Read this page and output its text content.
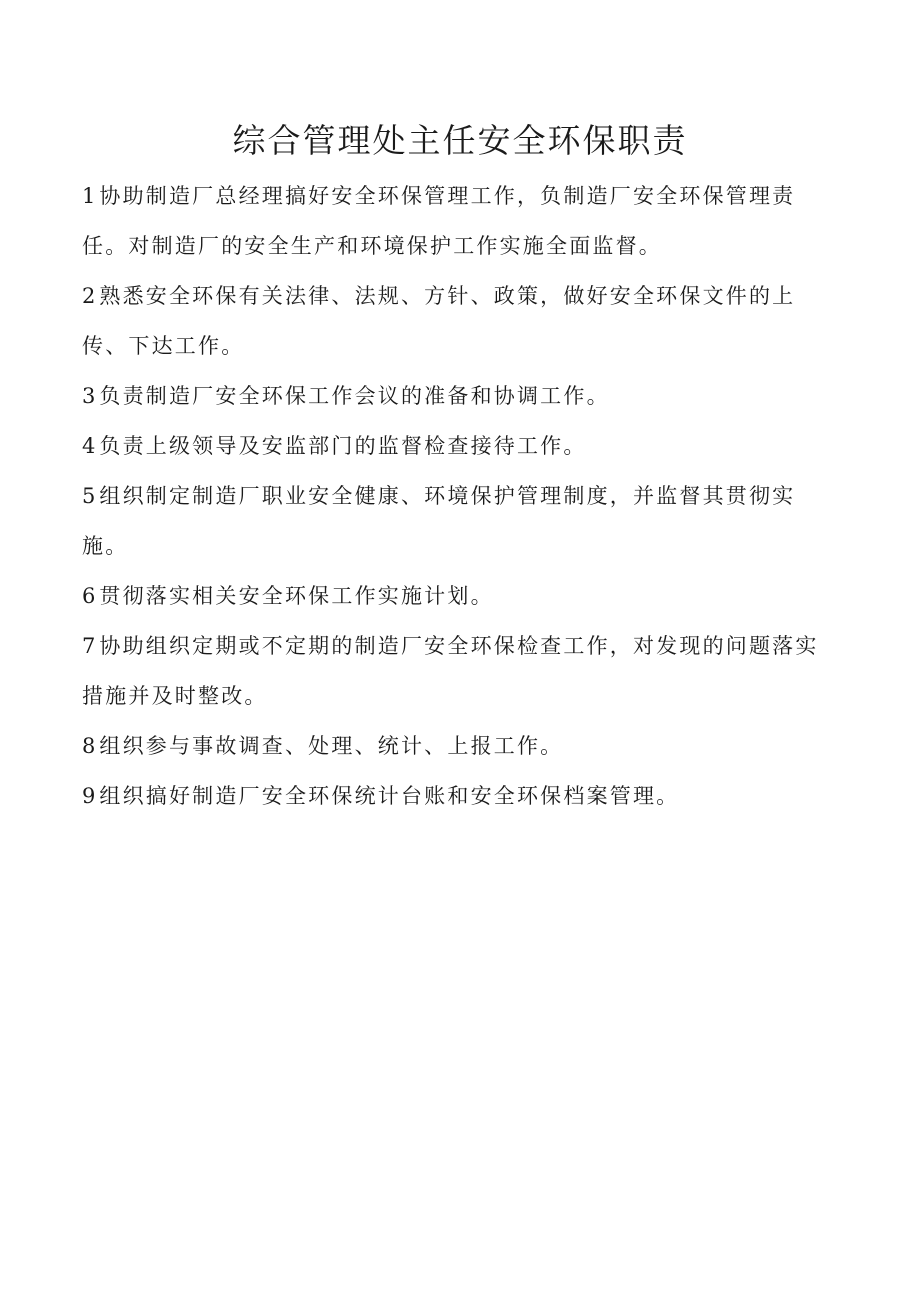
综合管理处主任安全环保职责
1 协助制造厂总经理搞好安全环保管理工作，负制造厂安全环保管理责任。对制造厂的安全生产和环境保护工作实施全面监督。
2 熟悉安全环保有关法律、法规、方针、政策，做好安全环保文件的上传、下达工作。
3 负责制造厂安全环保工作会议的准备和协调工作。
4 负责上级领导及安监部门的监督检查接待工作。
5 组织制定制造厂职业安全健康、环境保护管理制度，并监督其贯彻实施。
6 贯彻落实相关安全环保工作实施计划。
7 协助组织定期或不定期的制造厂安全环保检查工作，对发现的问题落实措施并及时整改。
8 组织参与事故调查、处理、统计、上报工作。
9 组织搞好制造厂安全环保统计台账和安全环保档案管理。
